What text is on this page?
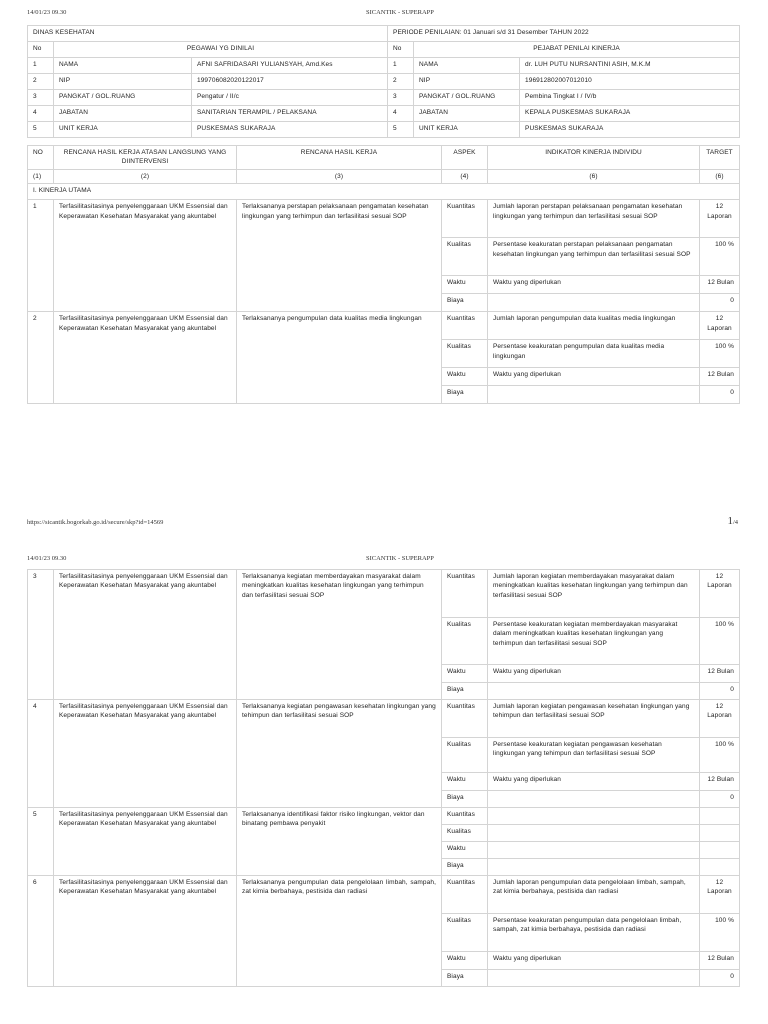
14/01/23 09.30	SICANTIK - SUPERAPP
DINAS KESEHATAN			PERIODE PENILAIAN: 01 Januari s/d 31 Desember TAHUN 2022		
No	PEGAWAI YG DINILAI		No	PEJABAT PENILAI KINERJA	
1	NAMA	AFNI SAFRIDASARI YULIANSYAH, Amd.Kes	1	NAMA	dr. LUH PUTU NURSANTINI ASIH, M.K.M
2	NIP	199706082020122017	2	NIP	196912802007012010
3	PANGKAT / GOL.RUANG	Pengatur / II/c	3	PANGKAT / GOL.RUANG	Pembina Tingkat I / IV/b
4	JABATAN	SANITARIAN TERAMPIL / PELAKSANA	4	JABATAN	KEPALA PUSKESMAS SUKARAJA
5	UNIT KERJA	PUSKESMAS SUKARAJA	5	UNIT KERJA	PUSKESMAS SUKARAJA
NO	RENCANA HASIL KERJA ATASAN LANGSUNG YANG DIINTERVENSI	RENCANA HASIL KERJA	ASPEK	INDIKATOR KINERJA INDIVIDU	TARGET
(1)	(2)	(3)	(4)	(6)	(6)
I. KINERJA UTAMA					
1	Terfasilitasitasinya penyelenggaraan UKM Essensial dan Keperawatan Kesehatan Masyarakat yang akuntabel	Terlaksananya perstapan pelaksanaan pengamatan kesehatan lingkungan yang terhimpun dan terfasilitasi sesuai SOP	Kuantitas	Jumlah laporan perstapan pelaksanaan pengamatan kesehatan lingkungan yang terhimpun dan terfasilitasi sesuai SOP	12 Laporan
			Kualitas	Persentase keakuratan perstapan pelaksanaan pengamatan kesehatan lingkungan yang terhimpun dan terfasilitasi sesuai SOP	100 %
			Waktu	Waktu yang diperlukan	12 Bulan
			Biaya		0
2	Terfasilitasitasinya penyelenggaraan UKM Essensial dan Keperawatan Kesehatan Masyarakat yang akuntabel	Terlaksananya pengumpulan data kualitas media lingkungan	Kuantitas	Jumlah laporan pengumpulan data kualitas media lingkungan	12 Laporan
			Kualitas	Persentase keakuratan pengumpulan data kualitas media lingkungan	100 %
			Waktu	Waktu yang diperlukan	12 Bulan
			Biaya		0
https://sicantik.bogorkab.go.id/secure/skp?id=14569	1/4
14/01/23 09.30	SICANTIK - SUPERAPP
3	Terfasilitasitasinya penyelenggaraan UKM Essensial dan Keperawatan Kesehatan Masyarakat yang akuntabel	Terlaksananya kegiatan memberdayakan masyarakat dalam meningkatkan kualitas kesehatan lingkungan yang terhimpun dan terfasilitasi sesuai SOP	Kuantitas	Jumlah laporan kegiatan memberdayakan masyarakat dalam meningkatkan kualitas kesehatan lingkungan yang terhimpun dan terfasilitasi sesuai SOP	12 Laporan
			Kualitas	Persentase keakuratan kegiatan memberdayakan masyarakat dalam meningkatkan kualitas kesehatan lingkungan yang terhimpun dan terfasilitasi sesuai SOP	100 %
			Waktu	Waktu yang diperlukan	12 Bulan
			Biaya		0
4	Terfasilitasitasinya penyelenggaraan UKM Essensial dan Keperawatan Kesehatan Masyarakat yang akuntabel	Terlaksananya kegiatan pengawasan kesehatan lingkungan yang tehimpun dan terfasilitasi sesuai SOP	Kuantitas	Jumlah laporan kegiatan pengawasan kesehatan lingkungan yang tehimpun dan terfasilitasi sesuai SOP	12 Laporan
			Kualitas	Persentase keakuratan kegiatan pengawasan kesehatan lingkungan yang tehimpun dan terfasilitasi sesuai SOP	100 %
			Waktu	Waktu yang diperlukan	12 Bulan
			Biaya		0
5	Terfasilitasitasinya penyelenggaraan UKM Essensial dan Keperawatan Kesehatan Masyarakat yang akuntabel	Terlaksananya identifikasi faktor risiko lingkungan, vektor dan binatang pembawa penyakit	Kuantitas		
			Kualitas		
			Waktu		
			Biaya		
6	Terfasilitasitasinya penyelenggaraan UKM Essensial dan Keperawatan Kesehatan Masyarakat yang akuntabel	Terlaksananya pengumpulan data pengelolaan limbah, sampah, zat kimia berbahaya, pestisida dan radiasi	Kuantitas	Jumlah laporan pengumpulan data pengelolaan limbah, sampah, zat kimia berbahaya, pestisida dan radiasi	12 Laporan
			Kualitas	Persentase keakuratan pengumpulan data pengelolaan limbah, sampah, zat kimia berbahaya, pestisida dan radiasi	100 %
			Waktu	Waktu yang diperlukan	12 Bulan
			Biaya		0
